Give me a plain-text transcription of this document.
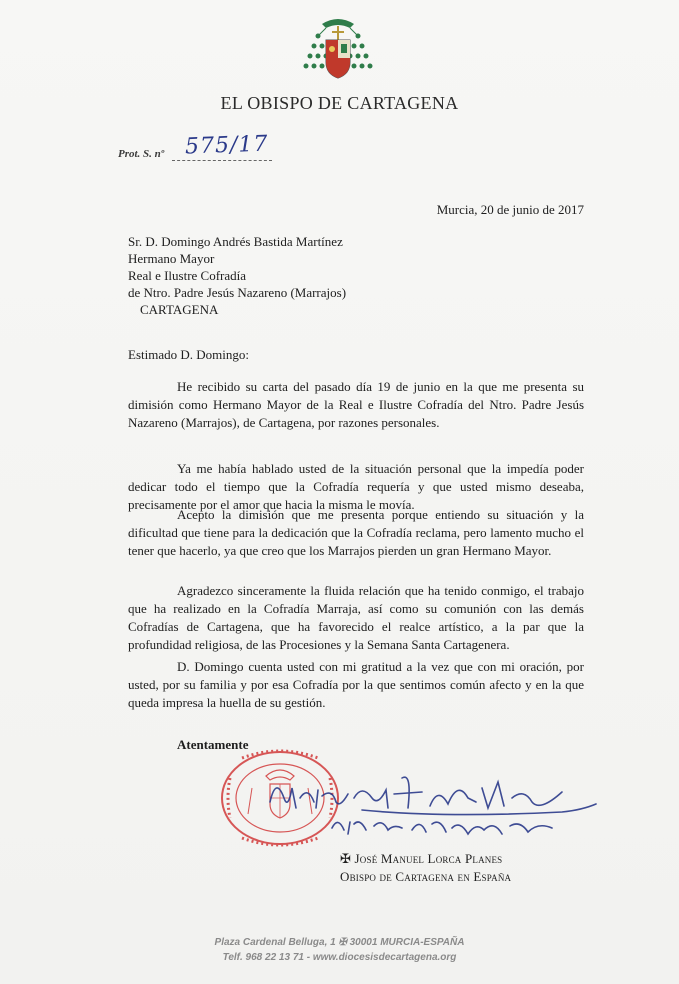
EL OBISPO DE CARTAGENA
Prot. S. nº 575/17
Murcia, 20 de junio de 2017
Sr. D. Domingo Andrés Bastida Martínez
Hermano Mayor
Real e Ilustre Cofradía
de Ntro. Padre Jesús Nazareno (Marrajos)
CARTAGENA
Estimado D. Domingo:

He recibido su carta del pasado día 19 de junio en la que me presenta su dimisión como Hermano Mayor de la Real e Ilustre Cofradía del Ntro. Padre Jesús Nazareno (Marrajos), de Cartagena, por razones personales.

Ya me había hablado usted de la situación personal que la impedía poder dedicar todo el tiempo que la Cofradía requería y que usted mismo deseaba, precisamente por el amor que hacia la misma le movía.

Acepto la dimisión que me presenta porque entiendo su situación y la dificultad que tiene para la dedicación que la Cofradía reclama, pero lamento mucho el tener que hacerlo, ya que creo que los Marrajos pierden un gran Hermano Mayor.

Agradezco sinceramente la fluida relación que ha tenido conmigo, el trabajo que ha realizado en la Cofradía Marraja, así como su comunión con las demás Cofradías de Cartagena, que ha favorecido el realce artístico, a la par que la profundidad religiosa, de las Procesiones y la Semana Santa Cartagenera.

D. Domingo cuenta usted con mi gratitud a la vez que con mi oración, por usted, por su familia y por esa Cofradía por la que sentimos común afecto y en la que queda impresa la huella de su gestión.

Atentamente
✠ José Manuel Lorca Planes
Obispo de Cartagena en España
Plaza Cardenal Belluga, 1 ✠ 30001 MURCIA-ESPAÑA
Telf. 968 22 13 71 - www.diocesisdecartagena.org
